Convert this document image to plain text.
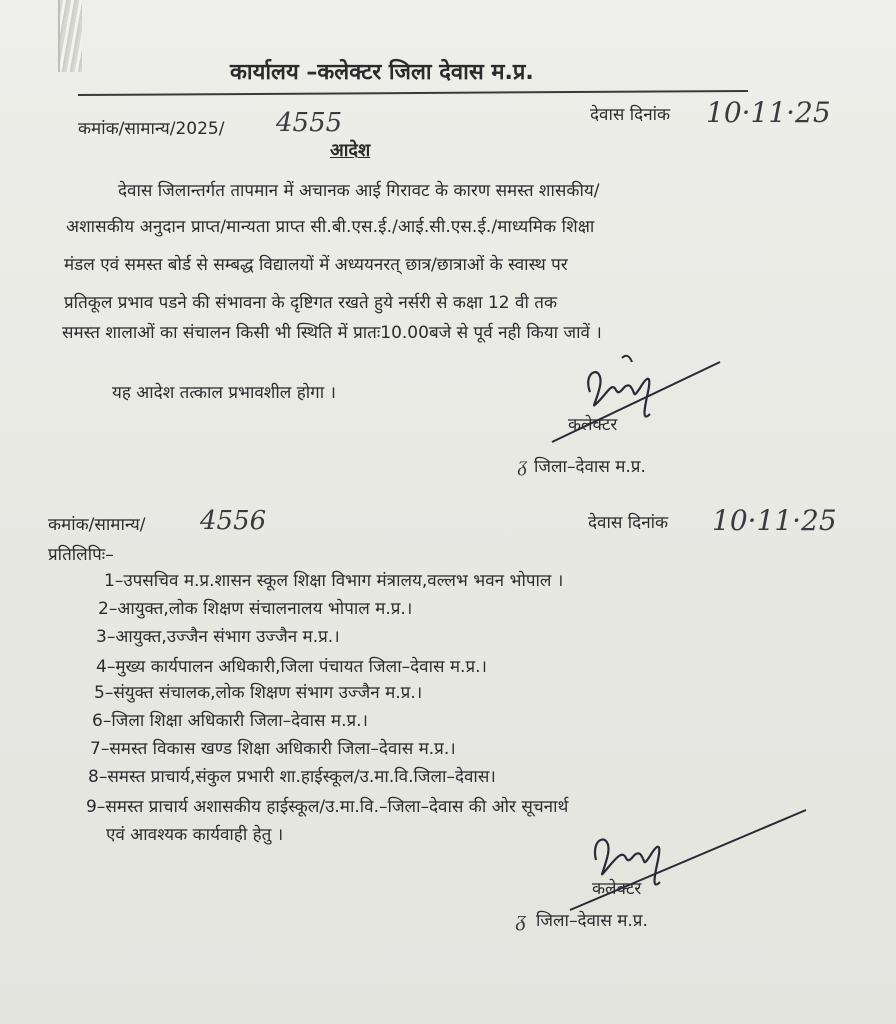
कार्यालय –कलेक्टर जिला देवास म.प्र.
कमांक/सामान्य/2025/ 4555	देवास दिनांक 10·11·25
आदेश
देवास जिलान्तर्गत तापमान में अचानक आई गिरावट के कारण समस्त शासकीय/
अशासकीय अनुदान प्राप्त/मान्यता प्राप्त सी.बी.एस.ई./आई.सी.एस.ई./माध्यमिक शिक्षा
मंडल एवं समस्त बोर्ड से सम्बद्ध विद्यालयों में अध्ययनरत् छात्र/छात्राओं के स्वास्थ पर
प्रतिकूल प्रभाव पडने की संभावना के दृष्टिगत रखते हुये नर्सरी से कक्षा 12 वी तक
समस्त शालाओं का संचालन किसी भी स्थिति में प्रातः10.00बजे से पूर्व नही किया जावें ।
यह आदेश तत्काल प्रभावशील होगा ।
कलेक्टर
ᵹ जिला–देवास म.प्र.
कमांक/सामान्य/ 4556	देवास दिनांक 10·11·25
प्रतिलिपिः–
1–उपसचिव म.प्र.शासन स्कूल शिक्षा विभाग मंत्रालय,वल्लभ भवन भोपाल ।
2–आयुक्त,लोक शिक्षण संचालनालय भोपाल म.प्र.।
3–आयुक्त,उज्जैन संभाग उज्जैन म.प्र.।
4–मुख्य कार्यपालन अधिकारी,जिला पंचायत जिला–देवास म.प्र.।
5–संयुक्त संचालक,लोक शिक्षण संभाग उज्जैन म.प्र.।
6–जिला शिक्षा अधिकारी जिला–देवास म.प्र.।
7–समस्त विकास खण्ड शिक्षा अधिकारी जिला–देवास म.प्र.।
8–समस्त प्राचार्य,संकुल प्रभारी शा.हाईस्कूल/उ.मा.वि.जिला–देवास।
9–समस्त प्राचार्य अशासकीय हाईस्कूल/उ.मा.वि.–जिला–देवास की ओर सूचनार्थ
एवं आवश्यक कार्यवाही हेतु ।
कलेक्टर
ᵹ जिला–देवास म.प्र.
